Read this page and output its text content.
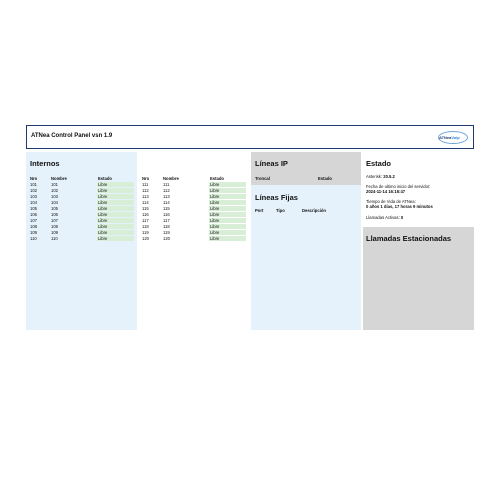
ATNea Control Panel vsn 1.9	ATNeaVoip
Internos
Nro	Nombre	Estado
101	101	Libre
102	102	Libre
103	103	Libre
104	104	Libre
105	105	Libre
106	106	Libre
107	107	Libre
108	108	Libre
109	109	Libre
110	110	Libre
Nro	Nombre	Estado
111	111	Libre
112	112	Libre
113	113	Libre
114	114	Libre
115	115	Libre
116	116	Libre
117	117	Libre
118	118	Libre
119	119	Libre
120	120	Libre
Líneas IP
Troncal	Estado
Líneas Fijas
Port	Tipo	Descripción
Estado
Asterisk: 20.5.2
Fecha de ultimo inicio del servidor:
2024-11-14 16:16:47
Tiempo de Vida de ATNea:
0 años 1 días, 17 horas 9 minutos
Llamadas Activas: 0
Llamadas Estacionadas
